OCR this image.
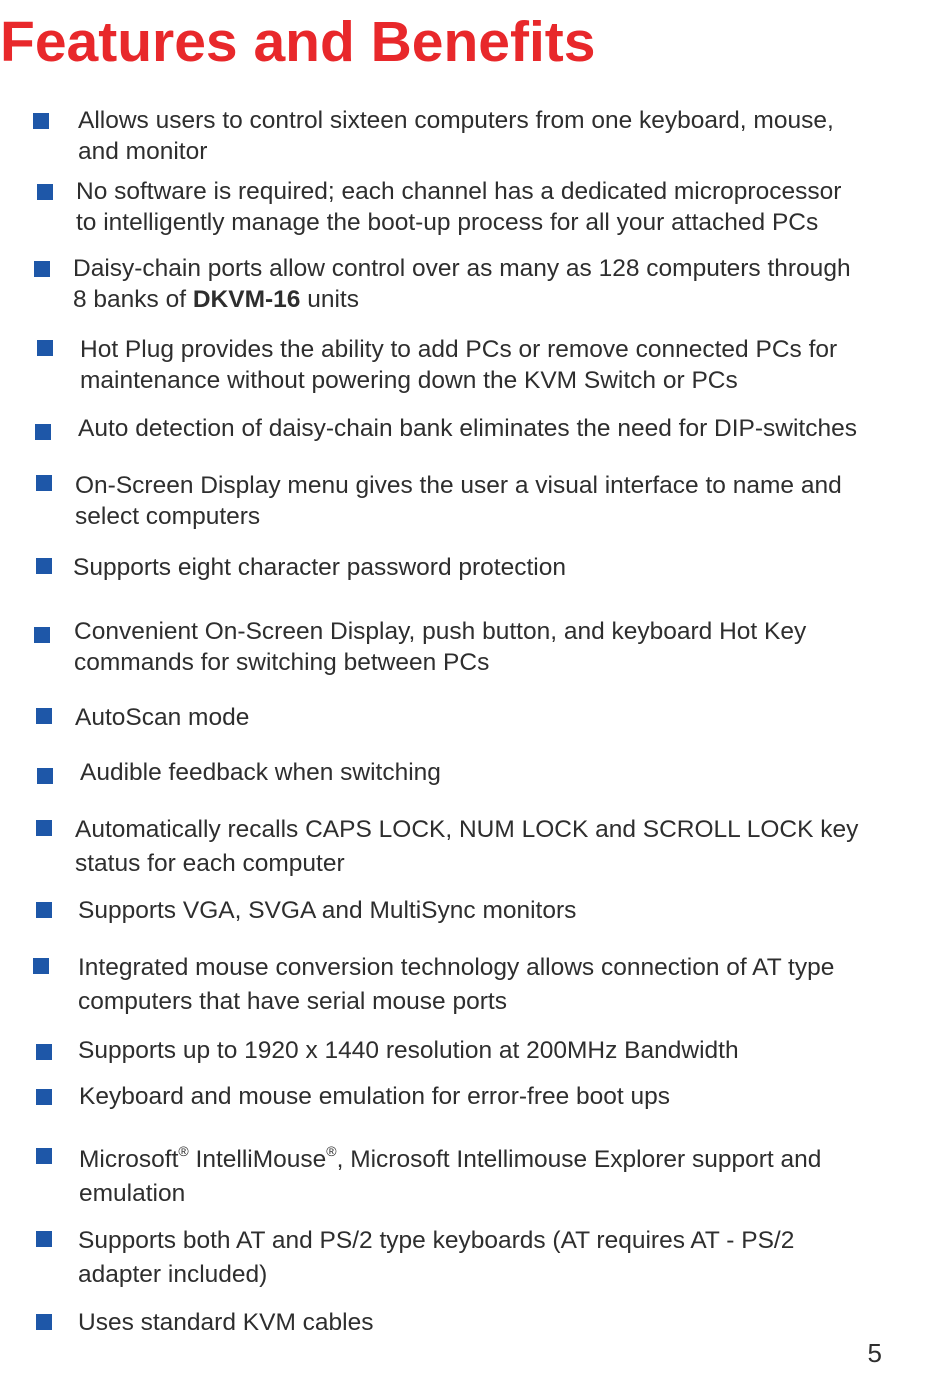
Features and Benefits
Allows users to control sixteen computers from one keyboard, mouse,
and monitor
No software is required; each channel has a dedicated microprocessor
to intelligently manage the boot-up process for all your attached PCs
Daisy-chain ports allow control over as many as 128 computers through
8 banks of DKVM-16 units
Hot Plug provides the ability to add PCs or remove connected PCs for
maintenance without powering down the KVM Switch or PCs
Auto detection of daisy-chain bank eliminates the need for DIP-switches
On-Screen Display menu gives the user a visual interface to name and
select computers
Supports eight character password protection
Convenient On-Screen Display, push button, and keyboard Hot Key
commands for switching between PCs
AutoScan mode
Audible feedback when switching
Automatically recalls CAPS LOCK, NUM LOCK and SCROLL LOCK key
status for each computer
Supports VGA, SVGA and MultiSync monitors
Integrated mouse conversion technology allows connection of AT type
computers that have serial mouse ports
Supports up to 1920 x 1440 resolution at 200MHz Bandwidth
Keyboard and mouse emulation for error-free boot ups
Microsoft® IntelliMouse®, Microsoft Intellimouse Explorer support and
emulation
Supports both AT and PS/2 type keyboards (AT requires AT - PS/2
adapter included)
Uses standard KVM cables
5
